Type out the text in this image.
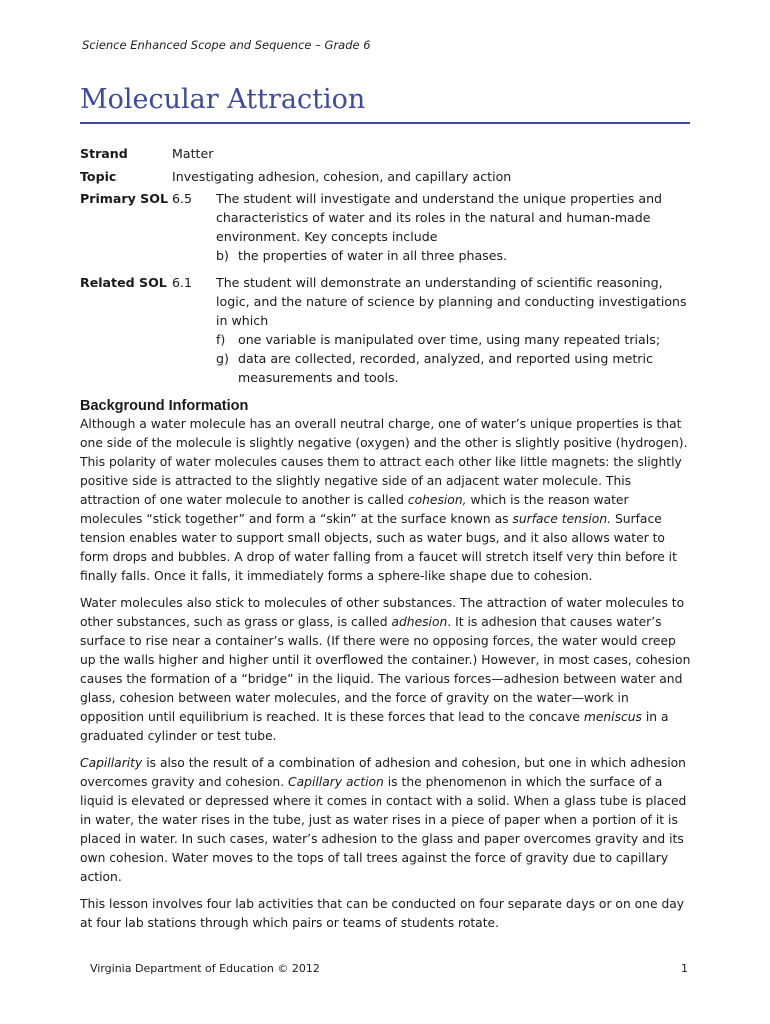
Science Enhanced Scope and Sequence – Grade 6
Molecular Attraction
Strand	Matter
Topic	Investigating adhesion, cohesion, and capillary action
Primary SOL 6.5	The student will investigate and understand the unique properties and characteristics of water and its roles in the natural and human-made environment. Key concepts include
b) the properties of water in all three phases.
Related SOL 6.1	The student will demonstrate an understanding of scientific reasoning, logic, and the nature of science by planning and conducting investigations in which
f)	one variable is manipulated over time, using many repeated trials;
g) data are collected, recorded, analyzed, and reported using metric measurements and tools.
Background Information

Although a water molecule has an overall neutral charge, one of water’s unique properties is that one side of the molecule is slightly negative (oxygen) and the other is slightly positive (hydrogen). This polarity of water molecules causes them to attract each other like little magnets: the slightly positive side is attracted to the slightly negative side of an adjacent water molecule. This attraction of one water molecule to another is called cohesion, which is the reason water molecules “stick together” and form a “skin” at the surface known as surface tension. Surface tension enables water to support small objects, such as water bugs, and it also allows water to form drops and bubbles. A drop of water falling from a faucet will stretch itself very thin before it finally falls. Once it falls, it immediately forms a sphere-like shape due to cohesion.

Water molecules also stick to molecules of other substances. The attraction of water molecules to other substances, such as grass or glass, is called adhesion. It is adhesion that causes water’s surface to rise near a container’s walls. (If there were no opposing forces, the water would creep up the walls higher and higher until it overflowed the container.) However, in most cases, cohesion causes the formation of a “bridge” in the liquid. The various forces—adhesion between water and glass, cohesion between water molecules, and the force of gravity on the water—work in opposition until equilibrium is reached. It is these forces that lead to the concave meniscus in a graduated cylinder or test tube.

Capillarity is also the result of a combination of adhesion and cohesion, but one in which adhesion overcomes gravity and cohesion. Capillary action is the phenomenon in which the surface of a liquid is elevated or depressed where it comes in contact with a solid. When a glass tube is placed in water, the water rises in the tube, just as water rises in a piece of paper when a portion of it is placed in water. In such cases, water’s adhesion to the glass and paper overcomes gravity and its own cohesion. Water moves to the tops of tall trees against the force of gravity due to capillary action.

This lesson involves four lab activities that can be conducted on four separate days or on one day at four lab stations through which pairs or teams of students rotate.

Virginia Department of Education © 2012	1
